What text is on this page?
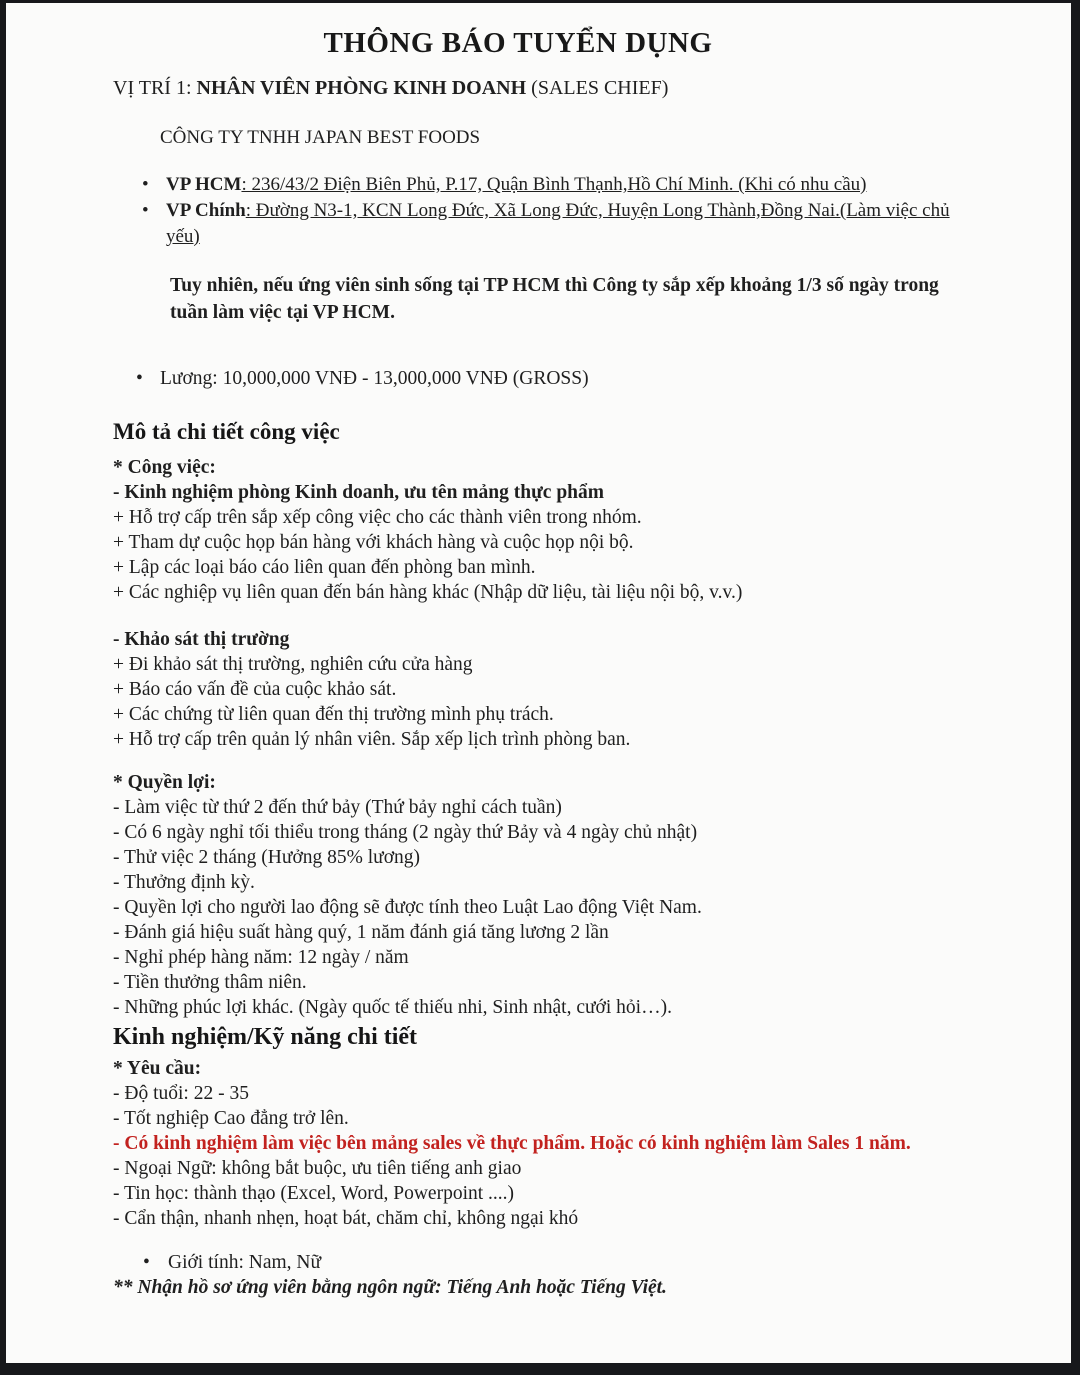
THÔNG BÁO TUYỂN DỤNG
VỊ TRÍ 1: NHÂN VIÊN PHÒNG KINH DOANH (SALES CHIEF)
CÔNG TY TNHH JAPAN BEST FOODS
• VP HCM: 236/43/2 Điện Biên Phủ, P.17, Quận Bình Thạnh,Hồ Chí Minh. (Khi có nhu cầu)
• VP Chính: Đường N3-1, KCN Long Đức, Xã Long Đức, Huyện Long Thành,Đồng Nai.(Làm việc chủ yếu)
Tuy nhiên, nếu ứng viên sinh sống tại TP HCM thì Công ty sắp xếp khoảng 1/3 số ngày trong tuần làm việc tại VP HCM.
• Lương: 10,000,000 VNĐ - 13,000,000 VNĐ (GROSS)
Mô tả chi tiết công việc
* Công việc:
- Kinh nghiệm phòng Kinh doanh, ưu tên mảng thực phẩm
+ Hỗ trợ cấp trên sắp xếp công việc cho các thành viên trong nhóm.
+ Tham dự cuộc họp bán hàng với khách hàng và cuộc họp nội bộ.
+ Lập các loại báo cáo liên quan đến phòng ban mình.
+ Các nghiệp vụ liên quan đến bán hàng khác (Nhập dữ liệu, tài liệu nội bộ, v.v.)
- Khảo sát thị trường
+ Đi khảo sát thị trường, nghiên cứu cửa hàng
+ Báo cáo vấn đề của cuộc khảo sát.
+ Các chứng từ liên quan đến thị trường mình phụ trách.
+ Hỗ trợ cấp trên quản lý nhân viên. Sắp xếp lịch trình phòng ban.
* Quyền lợi:
- Làm việc từ thứ 2 đến thứ bảy (Thứ bảy nghỉ cách tuần)
- Có 6 ngày nghỉ tối thiểu trong tháng (2 ngày thứ Bảy và 4 ngày chủ nhật)
- Thử việc 2 tháng (Hưởng 85% lương)
- Thưởng định kỳ.
- Quyền lợi cho người lao động sẽ được tính theo Luật Lao động Việt Nam.
- Đánh giá hiệu suất hàng quý, 1 năm đánh giá tăng lương 2 lần
- Nghỉ phép hàng năm: 12 ngày / năm
- Tiền thưởng thâm niên.
- Những phúc lợi khác. (Ngày quốc tế thiếu nhi, Sinh nhật, cưới hỏi…).
Kinh nghiệm/Kỹ năng chi tiết
* Yêu cầu:
- Độ tuổi: 22 - 35
- Tốt nghiệp Cao đẳng trở lên.
- Có kinh nghiệm làm việc bên mảng sales về thực phẩm. Hoặc có kinh nghiệm làm Sales 1 năm.
- Ngoại Ngữ: không bắt buộc, ưu tiên tiếng anh giao
- Tin học: thành thạo (Excel, Word, Powerpoint ....)
- Cẩn thận, nhanh nhẹn, hoạt bát, chăm chỉ, không ngại khó
• Giới tính: Nam, Nữ
** Nhận hồ sơ ứng viên bằng ngôn ngữ: Tiếng Anh hoặc Tiếng Việt.
